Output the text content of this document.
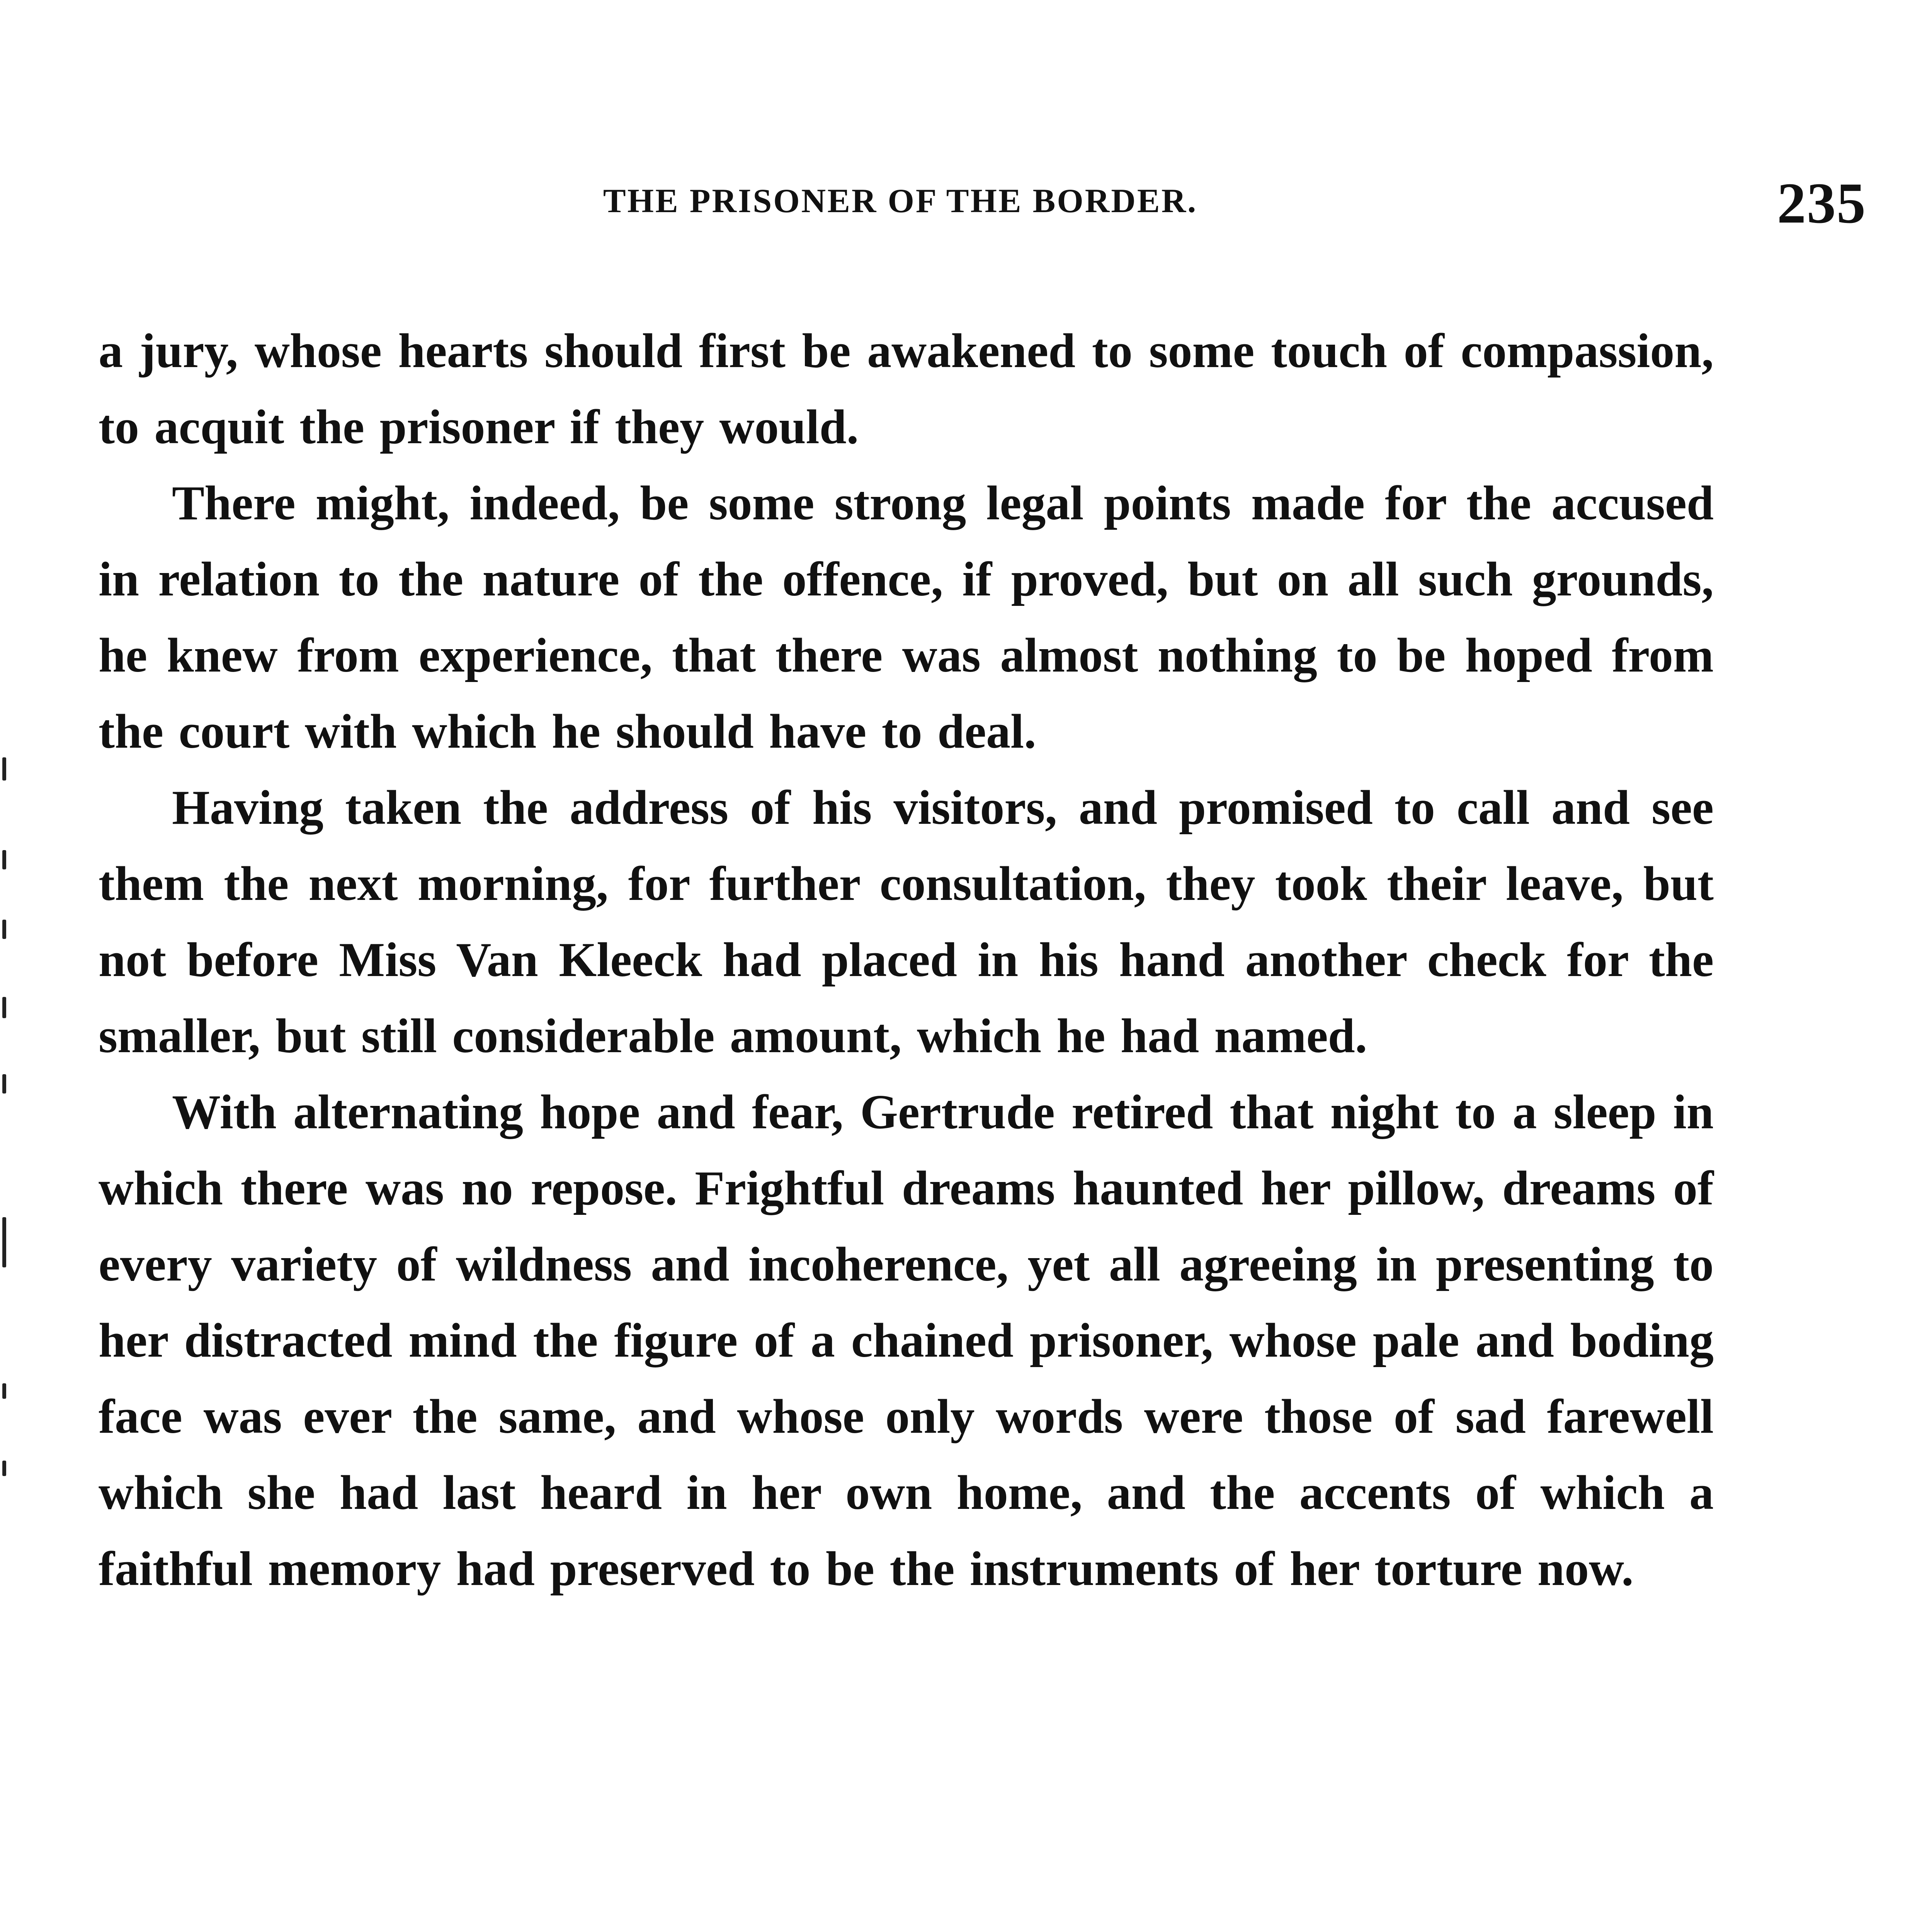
THE PRISONER OF THE BORDER.	235

a jury, whose hearts should first be awakened to some touch of compassion, to acquit the prisoner if they would.

There might, indeed, be some strong legal points made for the accused in relation to the nature of the offence, if proved, but on all such grounds, he knew from experience, that there was almost nothing to be hoped from the court with which he should have to deal.

Having taken the address of his visitors, and promised to call and see them the next morning, for further consultation, they took their leave, but not before Miss Van Kleeck had placed in his hand another check for the smaller, but still considerable amount, which he had named.

With alternating hope and fear, Gertrude retired that night to a sleep in which there was no repose. Frightful dreams haunted her pillow, dreams of every variety of wildness and incoherence, yet all agreeing in presenting to her distracted mind the figure of a chained prisoner, whose pale and boding face was ever the same, and whose only words were those of sad farewell which she had last heard in her own home, and the accents of which a faithful memory had preserved to be the instruments of her torture now.
